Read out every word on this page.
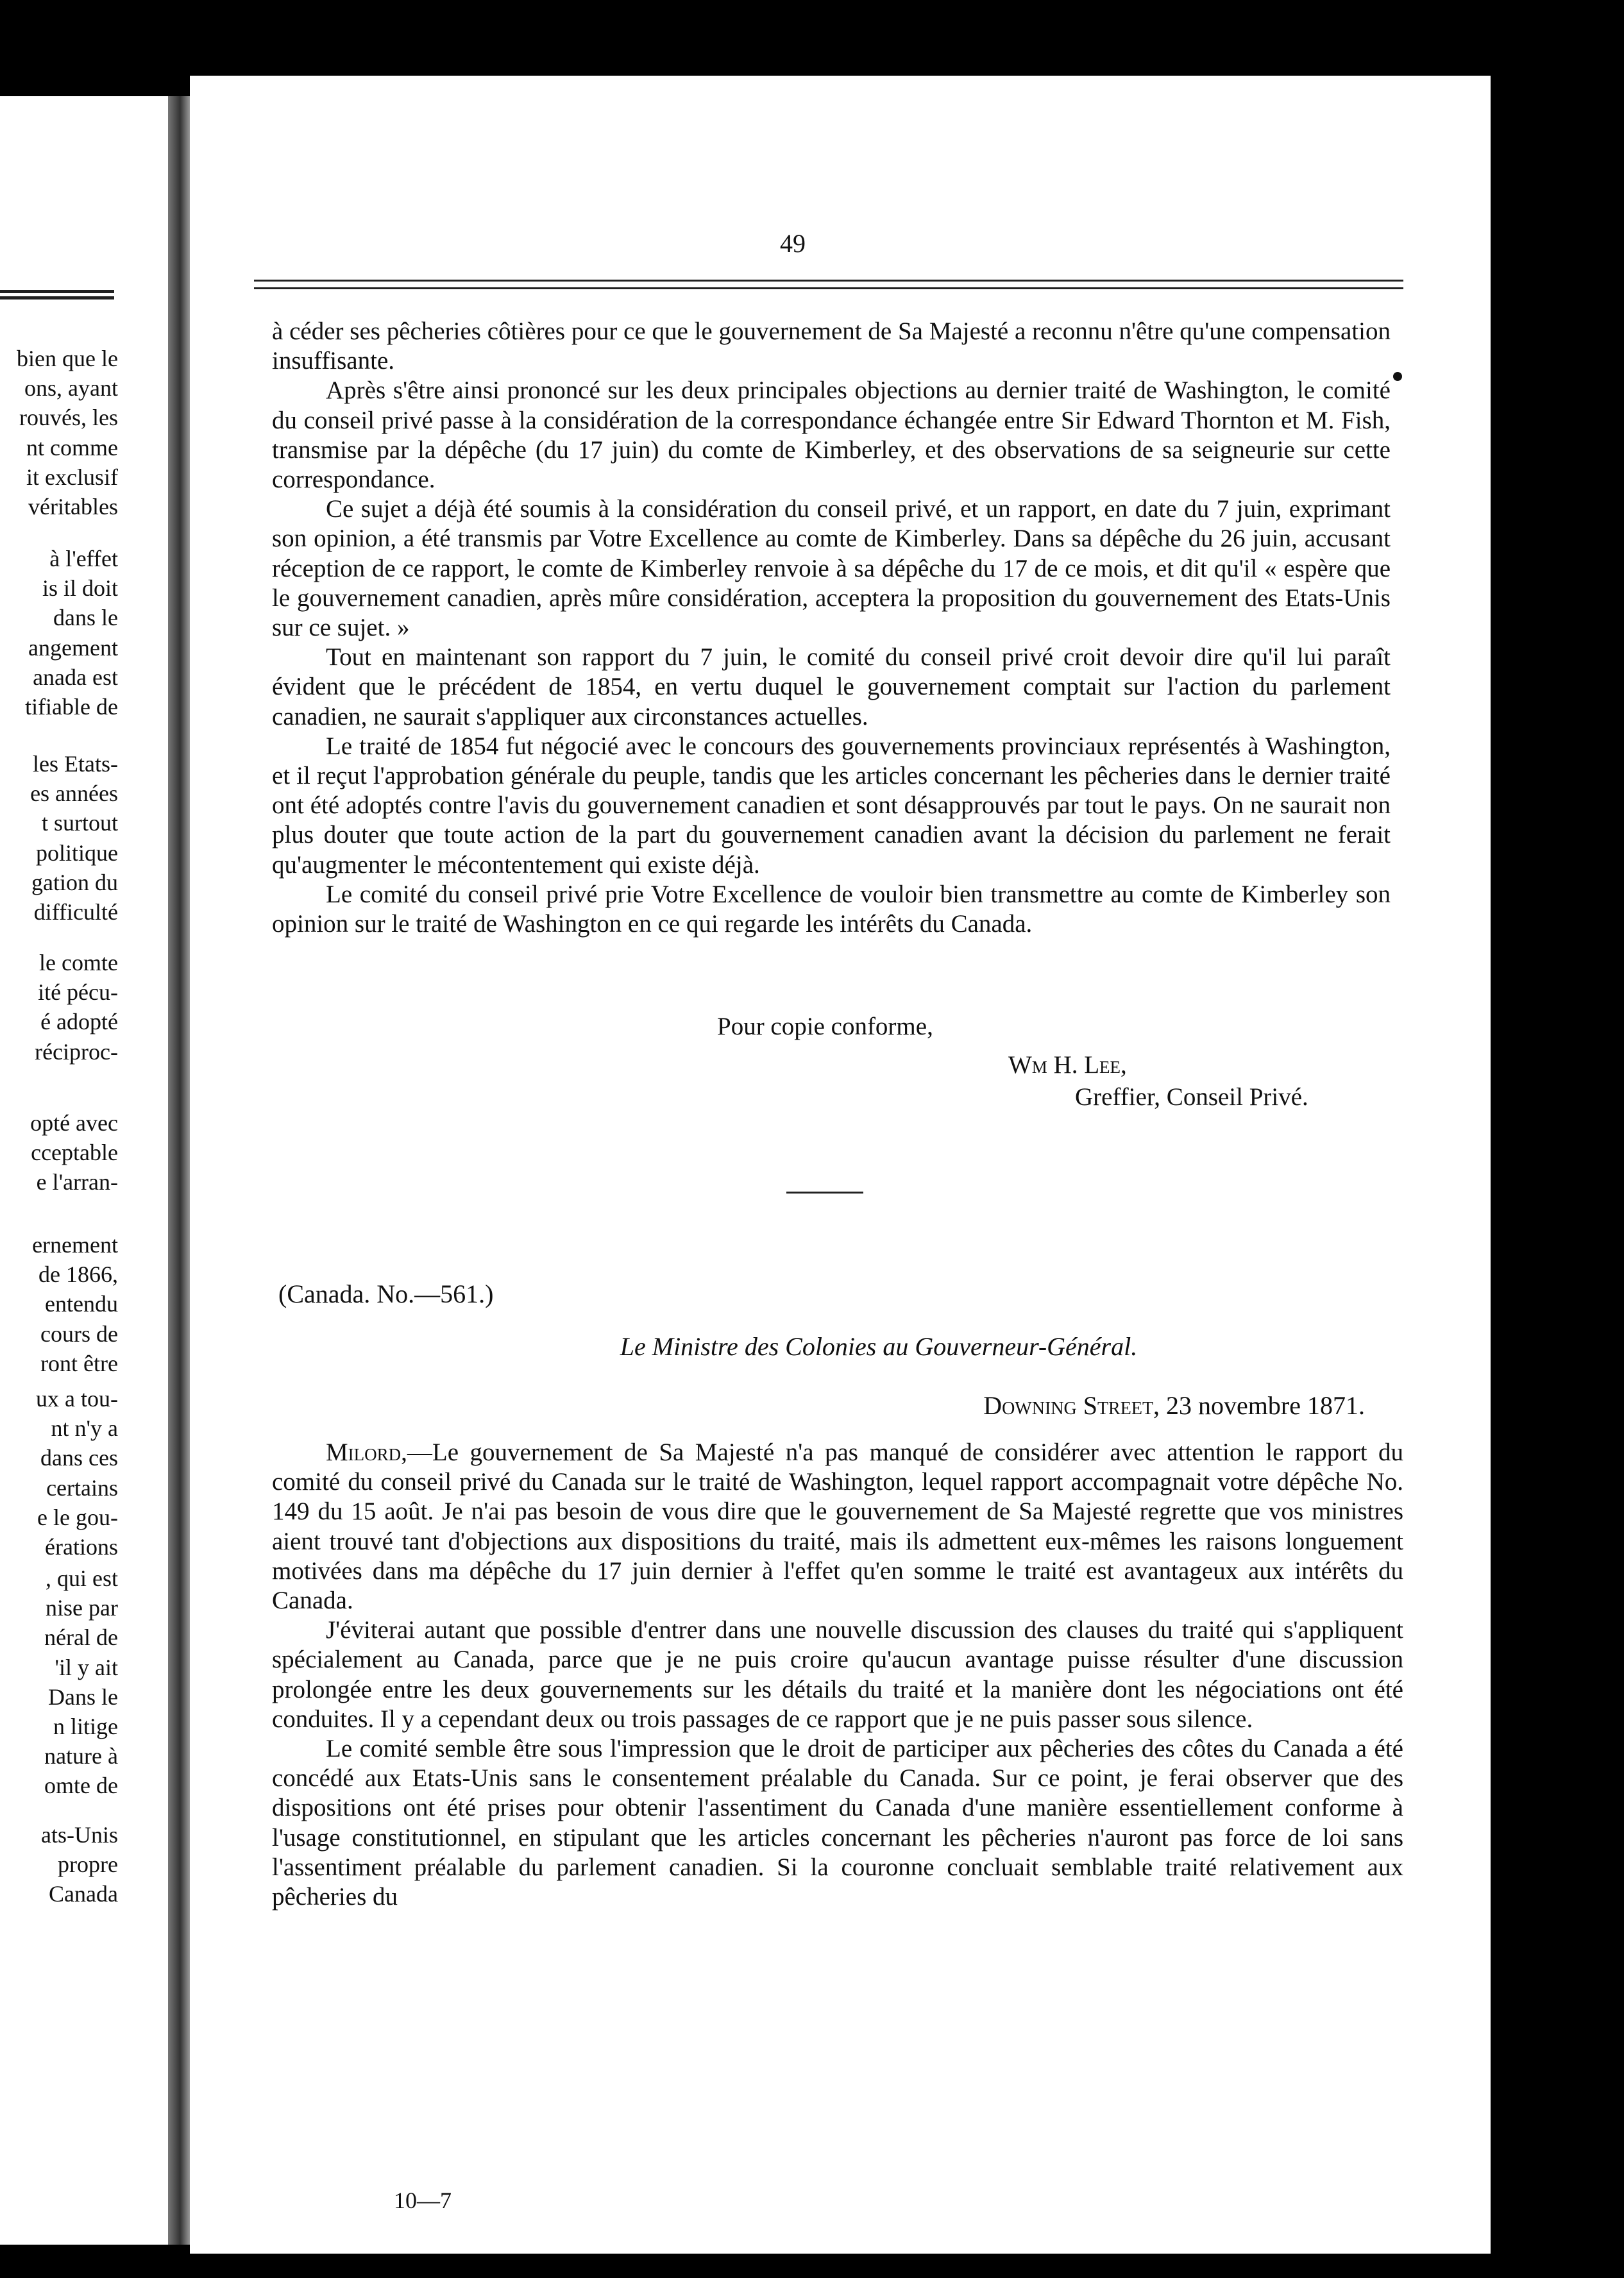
bien que le
ons, ayant
rouvés, les
nt comme
it exclusif
véritables
à l'effet
is il doit
dans le
angement
anada est
tifiable de
les Etats-
es années
t surtout
politique
gation du
difficulté
le comte
ité pécu-
é adopté
réciproc-
opté avec
cceptable
e l'arran-
ernement
de 1866,
entendu
cours de
ront être
ux a tou-
nt n'y a
dans ces
certains
e le gou-
érations
, qui est
nise par
néral de
'il y ait
Dans le
n litige
nature à
omte de
ats-Unis
propre
Canada
49

à céder ses pêcheries côtières pour ce que le gouvernement de Sa Majesté a reconnu n'être qu'une compensation insuffisante.

Après s'être ainsi prononcé sur les deux principales objections au dernier traité de Washington, le comité du conseil privé passe à la considération de la correspondance échangée entre Sir Edward Thornton et M. Fish, transmise par la dépêche (du 17 juin) du comte de Kimberley, et des observations de sa seigneurie sur cette correspondance.

Ce sujet a déjà été soumis à la considération du conseil privé, et un rapport, en date du 7 juin, exprimant son opinion, a été transmis par Votre Excellence au comte de Kimberley. Dans sa dépêche du 26 juin, accusant réception de ce rapport, le comte de Kimberley renvoie à sa dépêche du 17 de ce mois, et dit qu'il « espère que le gouvernement canadien, après mûre considération, acceptera la proposition du gouvernement des Etats-Unis sur ce sujet. »

Tout en maintenant son rapport du 7 juin, le comité du conseil privé croit devoir dire qu'il lui paraît évident que le précédent de 1854, en vertu duquel le gouvernement comptait sur l'action du parlement canadien, ne saurait s'appliquer aux circonstances actuelles.

Le traité de 1854 fut négocié avec le concours des gouvernements provinciaux représentés à Washington, et il reçut l'approbation générale du peuple, tandis que les articles concernant les pêcheries dans le dernier traité ont été adoptés contre l'avis du gouvernement canadien et sont désapprouvés par tout le pays. On ne saurait non plus douter que toute action de la part du gouvernement canadien avant la décision du parlement ne ferait qu'augmenter le mécontentement qui existe déjà.

Le comité du conseil privé prie Votre Excellence de vouloir bien transmettre au comte de Kimberley son opinion sur le traité de Washington en ce qui regarde les intérêts du Canada.

Pour copie conforme,
Wm H. Lee,
Greffier, Conseil Privé.
(Canada. No.—561.)
Le Ministre des Colonies au Gouverneur-Général.
Downing Street, 23 novembre 1871.

Milord,—Le gouvernement de Sa Majesté n'a pas manqué de considérer avec attention le rapport du comité du conseil privé du Canada sur le traité de Washington, lequel rapport accompagnait votre dépêche No. 149 du 15 août. Je n'ai pas besoin de vous dire que le gouvernement de Sa Majesté regrette que vos ministres aient trouvé tant d'objections aux dispositions du traité, mais ils admettent eux-mêmes les raisons longuement motivées dans ma dépêche du 17 juin dernier à l'effet qu'en somme le traité est avantageux aux intérêts du Canada.

J'éviterai autant que possible d'entrer dans une nouvelle discussion des clauses du traité qui s'appliquent spécialement au Canada, parce que je ne puis croire qu'aucun avantage puisse résulter d'une discussion prolongée entre les deux gouvernements sur les détails du traité et la manière dont les négociations ont été conduites. Il y a cependant deux ou trois passages de ce rapport que je ne puis passer sous silence.

Le comité semble être sous l'impression que le droit de participer aux pêcheries des côtes du Canada a été concédé aux Etats-Unis sans le consentement préalable du Canada. Sur ce point, je ferai observer que des dispositions ont été prises pour obtenir l'assentiment du Canada d'une manière essentiellement conforme à l'usage constitutionnel, en stipulant que les articles concernant les pêcheries n'auront pas force de loi sans l'assentiment préalable du parlement canadien. Si la couronne concluait semblable traité relativement aux pêcheries du

10—7
